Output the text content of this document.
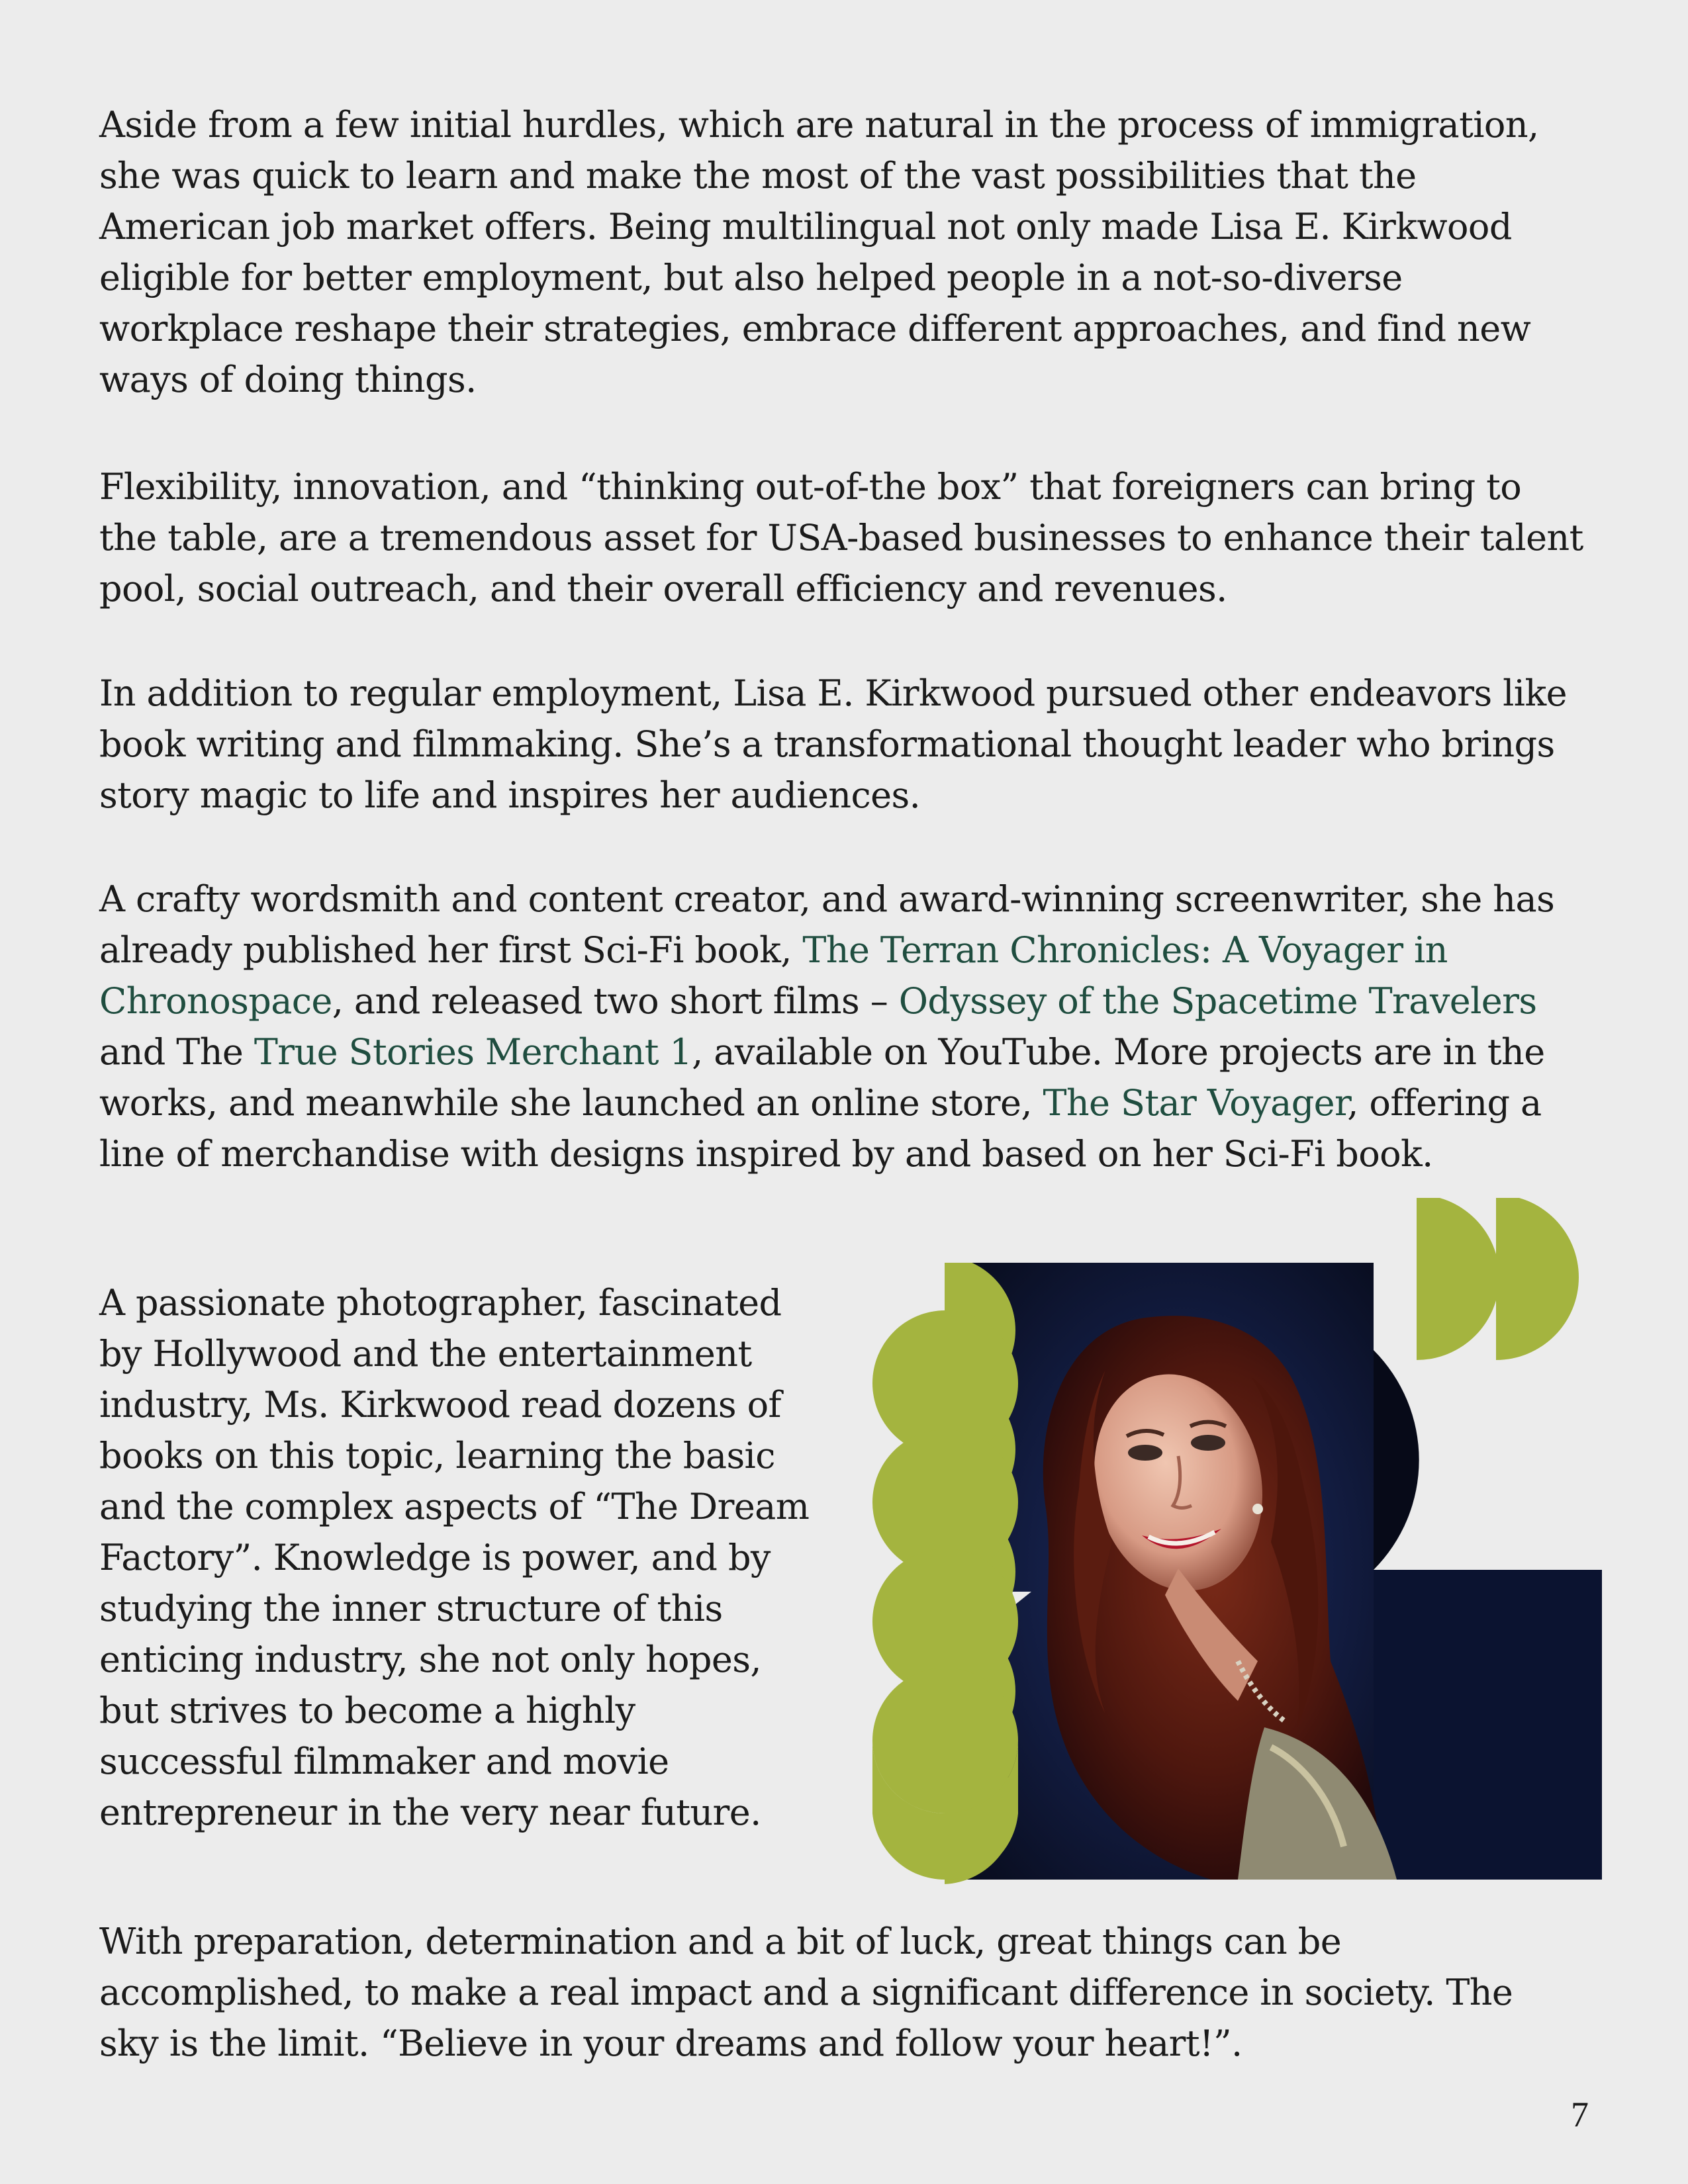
Aside from a few initial hurdles, which are natural in the process of immigration,
she was quick to learn and make the most of the vast possibilities that the
American job market offers. Being multilingual not only made Lisa E. Kirkwood
eligible for better employment, but also helped people in a not-so-diverse
workplace reshape their strategies, embrace different approaches, and find new
ways of doing things.

Flexibility, innovation, and “thinking out-of-the box” that foreigners can bring to
the table, are a tremendous asset for USA-based businesses to enhance their talent
pool, social outreach, and their overall efficiency and revenues.

In addition to regular employment, Lisa E. Kirkwood pursued other endeavors like
book writing and filmmaking. She’s a transformational thought leader who brings
story magic to life and inspires her audiences.

A crafty wordsmith and content creator, and award-winning screenwriter, she has
already published her first Sci-Fi book, The Terran Chronicles: A Voyager in
Chronospace, and released two short films – Odyssey of the Spacetime Travelers
and The True Stories Merchant 1, available on YouTube. More projects are in the
works, and meanwhile she launched an online store, The Star Voyager, offering a
line of merchandise with designs inspired by and based on her Sci-Fi book.

A passionate photographer, fascinated
by Hollywood and the entertainment
industry, Ms. Kirkwood read dozens of
books on this topic, learning the basic
and the complex aspects of “The Dream
Factory”. Knowledge is power, and by
studying the inner structure of this
enticing industry, she not only hopes,
but strives to become a highly
successful filmmaker and movie
entrepreneur in the very near future.

With preparation, determination and a bit of luck, great things can be
accomplished, to make a real impact and a significant difference in society. The
sky is the limit. “Believe in your dreams and follow your heart!”.

7
